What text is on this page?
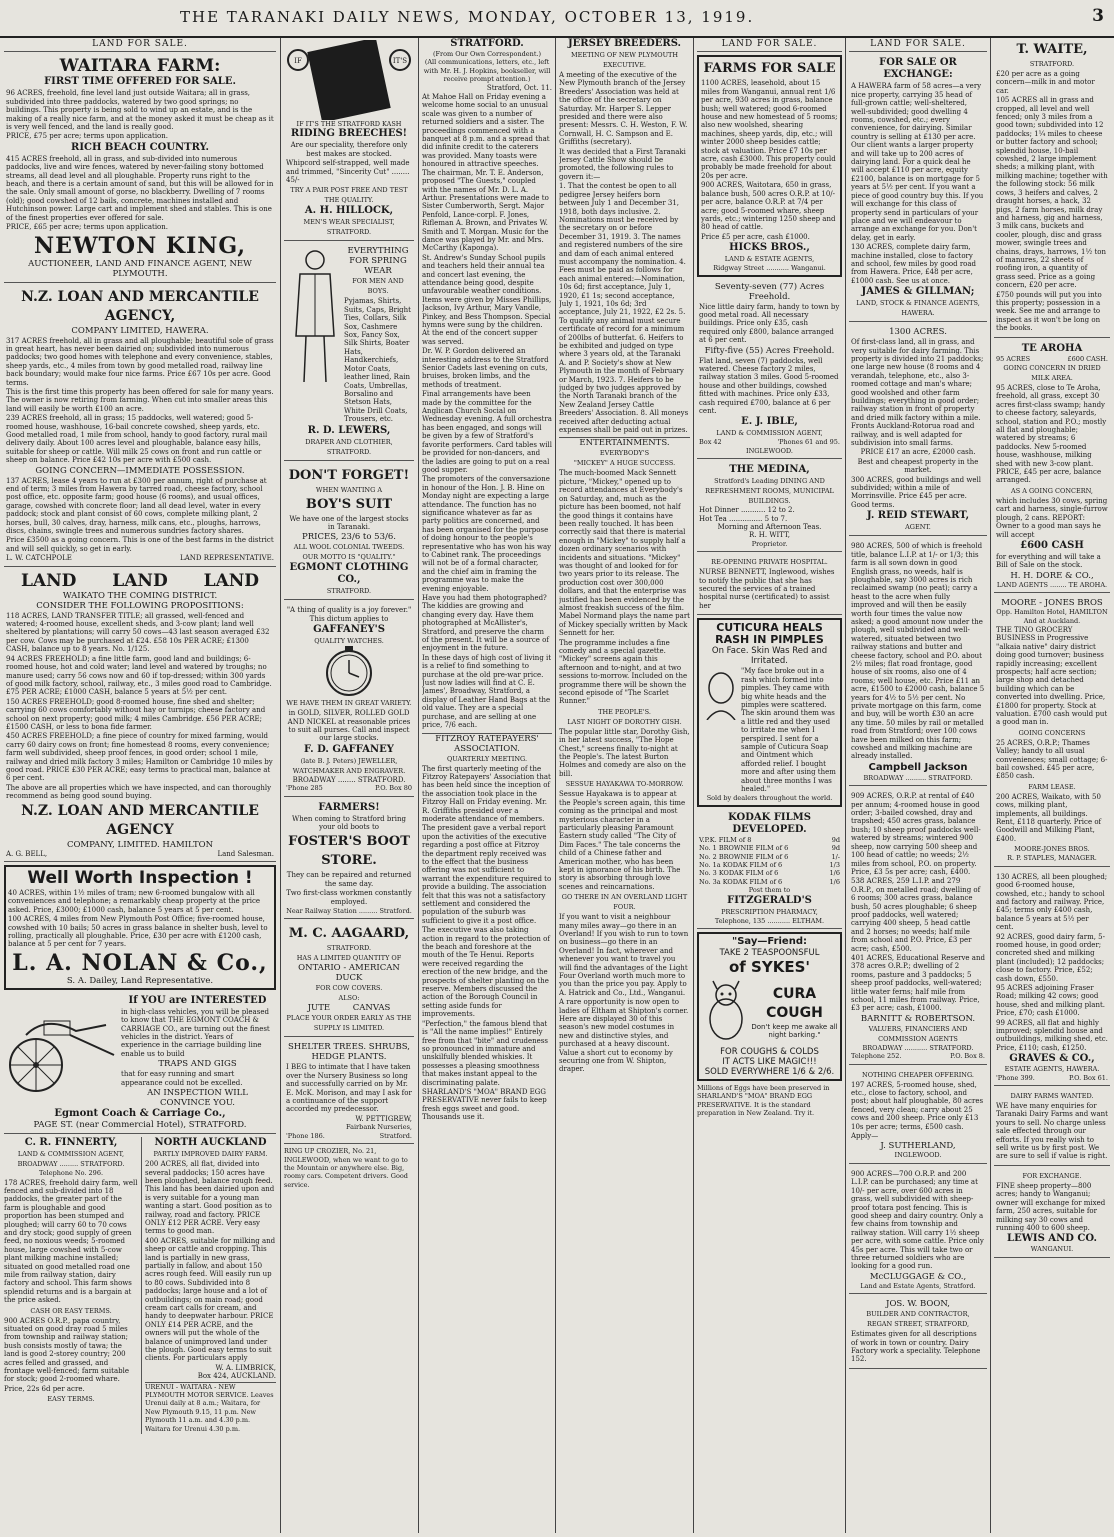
THE TARANAKI DAILY NEWS, MONDAY, OCTOBER 13, 1919.	3
LAND FOR SALE.
WAITARA FARM:
FIRST TIME OFFERED FOR SALE.

96 ACRES, freehold, fine level land just outside Waitara; all in grass, subdivided into three paddocks, watered by two good springs; no buildings. This property is being sold to wind up an estate, and is the making of a really nice farm, and at the money asked it must be cheap as it is very well fenced, and the land is really good.

PRICE, £75 per acre; terms upon application.

RICH BEACH COUNTRY.

415 ACRES freehold, all in grass, and sub-divided into numerous paddocks, live and wire fences, watered by never-failing stony bottomed streams, all dead level and all ploughable. Property runs right to the beach, and there is a certain amount of sand, but this will be allowed for in the sale. Only small amount of gorse, no blackberry. Dwelling of 7 rooms (old); good cowshed of 12 bails, concrete, machines installed and Hutchinson power. Large cart and implement shed and stables. This is one of the finest properties ever offered for sale.

PRICE, £65 per acre; terms upon application.

NEWTON KING,
AUCTIONEER, LAND AND FINANCE AGENT, NEW PLYMOUTH.
N.Z. LOAN AND MERCANTILE AGENCY,
COMPANY LIMITED, HAWERA.

317 ACRES freehold, all in grass and all ploughable; beautiful sole of grass in great heart, has never been dairied on; subdivided into numerous paddocks; two good homes with telephone and every convenience, stables, sheep yards, etc., 4 miles from town by good metalled road, railway line back boundary; would make four nice farms. Price £67 10s per acre. Good terms.

This is the first time this property has been offered for sale for many years. The owner is now retiring from farming. When cut into smaller areas this land will easily be worth £100 an acre.

239 ACRES freehold, all in grass; 15 paddocks, well watered; good 5-roomed house, washhouse, 16-bail concrete cowshed, sheep yards, etc. Good metalled road, 1 mile from school, handy to good factory, rural mail delivery daily. About 100 acres level and ploughable, balance easy hills, suitable for sheep or cattle. Will milk 25 cows on front and run cattle or sheep on balance. Price £42 10s per acre with £500 cash.

GOING CONCERN—IMMEDIATE POSSESSION.

137 ACRES, lease 4 years to run at £300 per annum, right of purchase at end of term; 3 miles from Hawera by tarred road, cheese factory, school post office, etc. opposite farm; good house (6 rooms), and usual offices, garage, cowshed with concrete floor; land all dead level, water in every paddock; stock and plant consist of 60 cows, complete milking plant, 2 horses, bull, 30 calves, dray, harness, milk cans, etc., ploughs, harrows, discs, chains, swingle trees and numerous sundries factory shares.

Price £3500 as a going concern. This is one of the best farms in the district and will sell quickly, so get in early.

L. W. CATCHPOLE	LAND REPRESENTATIVE.
LAND LAND LAND
WAIKATO THE COMING DISTRICT.
CONSIDER THE FOLLOWING PROPOSITIONS:

118 ACRES, LAND TRANSFER TITLE; all grassed, well-fenced and watered; 4-roomed house, excellent sheds, and 3-cow plant; land well sheltered by plantations; will carry 50 cows—43 last season averaged £32 per cow. Cows may be purchased at £24. £58 10s PER ACRE; £1300 CASH, balance up to 8 years. No. 1/125.

94 ACRES FREEHOLD; a fine little farm, good land and buildings; 6-roomed house, hot and cold water; land level and watered by troughs; no manure used; carry 56 cows now and 60 if top-dressed; within 300 yards of good milk factory, school, railway, etc., 3 miles good road to Cambridge. £75 PER ACRE; £1000 CASH, balance 5 years at 5½ per cent.

150 ACRES FREEHOLD; good 8-roomed house, fine shed and shelter; carrying 60 cows comfortably without hay or turnips; cheese factory and school on next property; good milk; 4 miles Cambridge. £56 PER ACRE; £1500 CASH, or less to bona fide farmer.

450 ACRES FREEHOLD; a fine piece of country for mixed farming, would carry 60 dairy cows on front; fine homestead 8 rooms, every convenience; farm well subdivided, sheep proof fences, in good order; school 1 mile, railway and dried milk factory 3 miles; Hamilton or Cambridge 10 miles by good road. PRICE £30 PER ACRE; easy terms to practical man, balance at 6 per cent.

The above are all properties which we have inspected, and can thoroughly recommend as being good sound buying.

N.Z. LOAN AND MERCANTILE AGENCY
COMPANY, LIMITED. HAMILTON
A. G. BELL,	Land Salesman.
Well Worth Inspection !

40 ACRES, within 1½ miles of tram; new 6-roomed bungalow with all conveniences and telephone; a remarkably cheap property at the price asked. Price, £3000; £1000 cash, balance 5 years at 5 per cent.

100 ACRES, 4 miles from New Plymouth Post Office; five-roomed house, cowshed with 10 bails; 50 acres in grass balance in shelter bush, level to rolling, practically all ploughable. Price, £30 per acre with £1200 cash, balance at 5 per cent for 7 years.

L. A. NOLAN & Co.,
S. A. Dailey, Land Representative.
If YOU are INTERESTED

in high-class vehicles, you will be pleased to know that THE EGMONT COACH & CARRIAGE CO., are turning out the finest vehicles in the district. Years of experience in the carriage building line enable us to build

TRAPS AND GIGS

that for easy running and smart appearance could not be excelled.

AN INSPECTION WILL CONVINCE YOU.
Egmont Coach & Carriage Co.,
PAGE ST. (near Commercial Hotel), STRATFORD.
C. R. FINNERTY,
LAND & COMMISSION AGENT, BROADWAY ......... STRATFORD.
Telephone No. 296.

178 ACRES, freehold dairy farm, well fenced and sub-divided into 18 paddocks, the greater part of the farm is ploughable and good proportion has been stumped and ploughed; will carry 60 to 70 cows and dry stock; good supply of green feed, no noxious weeds; 5-roomed house, large cowshed with 5-cow plant milking machine installed; situated on good metalled road one mile from railway station, dairy factory and school. This farm shows splendid returns and is a bargain at the price asked.

CASH OR EASY TERMS.

900 ACRES O.R.P., papa country, situated on good dray road 5 miles from township and railway station; bush consists mostly of tawa; the land is good 2-storey country; 200 acres felled and grassed, and frontage well-fenced; farm suitable for stock; good 2-roomed whare.

Price, 22s 6d per acre.

EASY TERMS.
NORTH AUCKLAND
PARTLY IMPROVED DAIRY FARM.

200 ACRES, all flat, divided into several paddocks; 150 acres have been ploughed, balance rough feed. This land has been dairied upon and is very suitable for a young man wanting a start. Good position as to railway, road and factory. PRICE ONLY £12 PER ACRE. Very easy terms to good man.

400 ACRES, suitable for milking and sheep or cattle and cropping. This land is partially in new grass, partially in fallow, and about 150 acres rough feed. Will easily run up to 80 cows. Subdivided into 8 paddocks; large house and a lot of outbuildings; on main road; good cream cart calls for cream, and handy to deepwater harbour. PRICE ONLY £14 PER ACRE, and the owners will put the whole of the balance of unimproved land under the plough. Good easy terms to suit clients. For particulars apply

W. A. LIMBRICK,
Box 424, AUCKLAND.

URENUI - WAITARA - NEW PLYMOUTH MOTOR SERVICE. Leaves Urenui daily at 8 a.m.; Waitara, for New Plymouth 9.15, 11 p.m. New Plymouth 11 a.m. and 4.30 p.m. Waitara for Urenui 4.30 p.m.

IF	IT'S
IF IT'S THE STRATFORD KASH
RIDING BREECHES!

Are our speciality, therefore only best makes are stocked.

Whipcord self-strapped, well made and trimmed, "Sincerity Cut" ........ 45/-

TRY A PAIR POST FREE AND TEST THE QUALITY.
A. H. HILLOCK,
MEN'S WEAR SPECIALIST, STRATFORD.
EVERYTHING FOR SPRING WEAR
FOR MEN AND BOYS.

Pyjamas, Shirts, Suits, Caps, Bright Ties, Collars, Silk Sox, Cashmere Sox, Fancy Sox, Silk Shirts, Boater Hats, Handkerchiefs, Motor Coats, leather lined, Rain Coats, Umbrellas, Borsalino and Stetson Hats, White Drill Coats, Trousers, etc.

R. D. LEWERS,
DRAPER AND CLOTHIER, STRATFORD.
DON'T FORGET!
WHEN WANTING A
BOY'S SUIT

We have one of the largest stocks in Taranaki.

PRICES, 23/6 to 53/6.
ALL WOOL COLONIAL TWEEDS.
OUR MOTTO IS "QUALITY."
EGMONT CLOTHING CO.,
STRATFORD.

"A thing of quality is a joy forever." This dictum applies to

GAFFANEY'S
QUALITY WATCHES.
WE HAVE THEM IN GREAT VARIETY.

in GOLD, SILVER, ROLLED GOLD AND NICKEL at reasonable prices to suit all purses. Call and inspect our large stocks.

F. D. GAFFANEY
(late B. J. Peters) JEWELLER, WATCHMAKER AND ENGRAVER.
BROADWAY ........ STRATFORD.
'Phone 285	P.O. Box 80
FARMERS!

When coming to Stratford bring your old boots to

FOSTER'S BOOT STORE.

They can be repaired and returned the same day.

Two first-class workmen constantly employed.

Near Railway Station ......... Stratford.
M. C. AAGAARD,
STRATFORD.
HAS A LIMITED QUANTITY OF
ONTARIO - AMERICAN DUCK
FOR COW COVERS.
ALSO:
JUTE CANVAS
PLACE YOUR ORDER EARLY AS THE SUPPLY IS LIMITED.
SHELTER TREES. SHRUBS, HEDGE PLANTS.

I BEG to intimate that I have taken over the Nursery Business so long and successfully carried on by Mr. E. McK. Morison, and may I ask for a continuance of the support accorded my predecessor.

W. PETTIGREW,
Fairbank Nurseries,
'Phone 186.	Stratford.

RING UP CROZIER, No. 21, INGLEWOOD, when we want to go to the Mountain or anywhere else. Big, roomy cars. Competent drivers. Good service.

STRATFORD.
(From Our Own Correspondent.)
(All communications, letters, etc., left with Mr. H. J. Hopkins, bookseller, will receive prompt attention.)
Stratford, Oct. 11.

At Mahoe Hall on Friday evening a welcome home social to an unusual scale was given to a number of returned soldiers and a sister. The proceedings commenced with a banquet at 8 p.m. and a spread that did infinite credit to the caterers was provided. Many toasts were honoured in attractive speeches. The chairman, Mr. T. E. Anderson, proposed "The Guests," coupled with the names of Mr. D. L. A. Arthur. Presentations were made to Sister Cumberworth, Sergt. Major Penfold, Lance-corpl. F. Jones, Rifleman A. Brown, and Privates W. Smith and T. Morgan. Music for the dance was played by Mr. and Mrs. McCarthy (Kaponga).

St. Andrew's Sunday School pupils and teachers held their annual tea and concert last evening, the attendance being good, despite unfavourable weather conditions. Items were given by Misses Phillips, Jackson, Ivy Arthur, Mary Vandle, Pinkey, and Bess Thompson. Special hymns were sung by the children. At the end of the concert supper was served.

Dr. W. P. Gordon delivered an interesting address to the Stratford Senior Cadets last evening on cuts, bruises, broken limbs, and the methods of treatment.

Final arrangements have been made by the committee for the Anglican Church Social on Wednesday evening. A full orchestra has been engaged, and songs will be given by a few of Stratford's favorite performers. Card tables will be provided for non-dancers, and the ladies are going to put on a real good supper.

The promoters of the conversazione in honour of the Hon. J. B. Hine on Monday night are expecting a large attendance. The function has no significance whatever as far as party politics are concerned, and has been organised for the purpose of doing honour to the people's representative who has won his way to Cabinet rank. The proceedings will not be of a formal character, and the chief aim in framing the programme was to make the evening enjoyable.

Have you had them photographed? The kiddies are growing and changing every day. Have them photographed at McAllister's, Stratford, and preserve the charm of the present. It will be a source of enjoyment in the future.

In these days of high cost of living it is a relief to find something to purchase at the old pre-war price. Just now ladies will find at C. E. James', Broadway, Stratford, a display of Leather Hand Bags at the old value. They are a special purchase, and are selling at one price, 7/6 each.

FITZROY RATEPAYERS' ASSOCIATION.
QUARTERLY MEETING.

The first quarterly meeting of the Fitzroy Ratepayers' Association that has been held since the inception of the association took place in the Fitzroy Hall on Friday evening. Mr. R. Griffiths presided over a moderate attendance of members.

The president gave a verbal report upon the activities of the executive regarding a post office at Fitzroy the department reply received was to the effect that the business offering was not sufficient to warrant the expenditure required to provide a building. The association felt that this was not a satisfactory settlement and considered the population of the suburb was sufficient to give it a post office.

The executive was also taking action in regard to the protection of the beach and foreshore at the mouth of the Te Henui. Reports were received regarding the erection of the new bridge, and the prospects of shelter planting on the reserve. Members discussed the action of the Borough Council in setting aside funds for improvements.

"Perfection," the famous blend that is "All the name implies!" Entirely free from that "bite" and crudeness so pronounced in immature and unskilfully blended whiskies. It possesses a pleasing smoothness that makes instant appeal to the discriminating palate.

SHARLAND'S "MOA" BRAND EGG PRESERVATIVE never fails to keep fresh eggs sweet and good. Thousands use it.

JERSEY BREEDERS.
MEETING OF NEW PLYMOUTH EXECUTIVE.

A meeting of the executive of the New Plymouth branch of the Jersey Breeders' Association was held at the office of the secretary on Saturday. Mr. Harper S. Lepper presided and there were also present: Messrs. C. H. Weston, F. W. Cornwall, H. C. Sampson and E. Griffiths (secretary).

It was decided that a First Taranaki Jersey Cattle Show should be promoted, the following rules to govern it:—

1. That the contest be open to all pedigree Jersey heifers born between July 1 and December 31, 1918, both days inclusive. 2. Nominations must be received by the secretary on or before December 31, 1919. 3. The names and registered numbers of the sire and dam of each animal entered must accompany the nomination. 4. Fees must be paid as follows for each animal entered:—Nomination, 10s 6d; first acceptance, July 1, 1920, £1 1s; second acceptance, July 1, 1921, 10s 6d; 3rd acceptance, July 21, 1922, £2 2s. 5. To qualify any animal must secure certificate of record for a minimum of 200lbs of butterfat. 6. Heifers to be exhibited and judged on type where 3 years old, at the Taranaki A. and P. Society's show at New Plymouth in the month of February or March, 1923. 7. Heifers to be judged by two judges approved by the North Taranaki branch of the New Zealand Jersey Cattle Breeders' Association. 8. All moneys received after deducting actual expenses shall be paid out in prizes.

ENTERTAINMENTS.
EVERYBODY'S
"MICKEY" A HUGE SUCCESS.

The much-boomed Mack Sennett picture, "Mickey," opened up to record attendances at Everybody's on Saturday, and, much as the picture has been boomed, not half the good things it contains have been really touched. It has been correctly said that there is material enough in "Mickey" to supply half a dozen ordinary scenarios with incidents and situations. "Mickey" was thought of and looked for for two years prior to its release. The production cost over 300,000 dollars, and that the enterprise was justified has been evidenced by the almost freakish success of the film. Mabel Normand plays the name part of Mickey specially written by Mack Sennett for her.

The programme includes a fine comedy and a special gazette. "Mickey" screens again this afternoon and to-night, and at two sessions to-morrow. Included on the programme there will be shown the second episode of "The Scarlet Runner."

THE PEOPLE'S.
LAST NIGHT OF DOROTHY GISH.

The popular little star, Dorothy Gish, in her latest success, "The Hope Chest," screens finally to-night at the People's. The latest Burton Holmes and comedy are also on the bill.

SESSUE HAYAKAWA TO-MORROW.

Sessue Hayakawa is to appear at the People's screen again, this time coming as the principal and most mysterious character in a particularly pleasing Paramount Eastern study called "The City of Dim Faces." The tale concerns the child of a Chinese father and American mother, who has been kept in ignorance of his birth. The story is absorbing through love scenes and reincarnations.

GO THERE IN AN OVERLAND LIGHT FOUR.

If you want to visit a neighbour many miles away—go there in an Overland! If you wish to run to town on business—go there in an Overland! In fact, wherever and whenever you want to travel you will find the advantages of the Light Four Overland worth much more to you than the price you pay. Apply to A. Hatrick and Co., Ltd., Wanganui.

A rare opportunity is now open to ladies of Eltham at Shipton's corner. Here are displayed 30 of this season's new model costumes in new and distinctive styles, and purchased at a heavy discount. Value a short cut to economy by securing one from W. Shipton, draper.

LAND FOR SALE.
FARMS FOR SALE

1100 ACRES, leasehold, about 15 miles from Wanganui, annual rent 1/6 per acre, 930 acres in grass, balance bush; well watered; good 6-roomed house and new homestead of 5 rooms; also new woolshed, shearing machines, sheep yards, dip, etc.; will winter 2000 sheep besides cattle; stock at valuation. Price £7 10s per acre, cash £3000. This property could probably be made freehold for about 20s per acre.

900 ACRES, Waitotara, 650 in grass, balance bush, 500 acres O.R.P. at 10/- per acre, balance O.R.P. at 7/4 per acre; good 5-roomed whare, sheep yards, etc.; wintering 1250 sheep and 80 head of cattle.

Price £5 per acre, cash £1000.

HICKS BROS.,
LAND & ESTATE AGENTS,
Ridgway Street ........... Wanganui.
Seventy-seven (77) Acres Freehold.

Nice little dairy farm, handy to town by good metal road. All necessary buildings. Price only £35, cash required only £800, balance arranged at 6 per cent.

Fifty-five (55) Acres Freehold.

Flat land, seven (7) paddocks, well watered. Cheese factory 2 miles, railway station 3 miles. Good 5-roomed house and other buildings, cowshed fitted with machines. Price only £33, cash required £700, balance at 6 per cent.

E. J. IBLE,
LAND & COMMISSION AGENT,
Box 42	'Phones 61 and 95.
INGLEWOOD.
THE MEDINA,
Stratford's Leading DINING AND REFRESHMENT ROOMS, MUNICIPAL BUILDINGS.
Hot Dinner ........... 12 to 2.
Hot Tea ............... 5 to 7.
Morning and Afternoon Teas.
R. H. WITT,
Proprietor.
RE-OPENING PRIVATE HOSPITAL.

NURSE BENNETT, Inglewood, wishes to notify the public that she has secured the services of a trained hospital nurse (certificated) to assist her

CUTICURA HEALS RASH IN PIMPLES
On Face. Skin Was Red and Irritated.

"My face broke out in a rash which formed into pimples. They came with big white heads and the pimples were scattered. The skin around them was a little red and they used to irritate me when I perspired. I sent for a sample of Cuticura Soap and Ointment which afforded relief. I bought more and after using them about three months I was healed."

Sold by dealers throughout the world.
KODAK FILMS DEVELOPED.
V.P.K. FILM of 8	9d
No. 1 BROWNIE FILM of 6	9d
No. 2 BROWNIE FILM of 6	1/-
No. 1a KODAK FILM of 6	1/3
No. 3 KODAK FILM of 6	1/6
No. 3a KODAK FILM of 6	1/6
Post them to
FITZGERALD'S
PRESCRIPTION PHARMACY,
Telephone, 135 ........... ELTHAM.
"Say—Friend:
TAKE 2 TEASPOONSFUL
of SYKES'
CURA COUGH
Don't keep me awake all night barking."
FOR COUGHS & COLDS
IT ACTS LIKE MAGIC!!!
SOLD EVERYWHERE 1/6 & 2/6.

Millions of Eggs have been preserved in SHARLAND'S "MOA" BRAND EGG PRESERVATIVE. It is the standard preparation in New Zealand. Try it.

LAND FOR SALE.
FOR SALE OR EXCHANGE:

A HAWERA farm of 58 acres—a very nice property, carrying 35 head of full-grown cattle; well-sheltered, well-subdivided; good dwelling 4 rooms, cowshed, etc.; every convenience, for dairying. Similar country is selling at £130 per acre. Our client wants a larger property and will take up to 200 acres of dairying land. For a quick deal he will accept £110 per acre, equity £2100, balance is on mortgage for 5 years at 5½ per cent. If you want a piece of good country buy this. If you will exchange for this class of property send in particulars of your place and we will endeavour to arrange an exchange for you. Don't delay, get in early.

130 ACRES, complete dairy farm, machine installed, close to factory and school, few miles by good road from Hawera. Price, £48 per acre, £1000 cash. See us at once.

JAMES & GILLMAN;
LAND, STOCK & FINANCE AGENTS, HAWERA.
1300 ACRES.

Of first-class land, all in grass, and very suitable for dairy farming. This property is divided into 21 paddocks; one large new house (8 rooms and 4 verandah, telephone, etc., also 3-roomed cottage and man's whare; good woolshed and other farm buildings; everything in good order; railway station in front of property and dried milk factory within a mile. Fronts Auckland-Rotorua road and railway, and is well adapted for subdivision into small farms.

PRICE £17 an acre, £2000 cash.

Best and cheapest property in the market.

300 ACRES, good buildings and well subdivided; within a mile of Morrinsville. Price £45 per acre. Good terms.

J. REID STEWART,
AGENT.

980 ACRES, 500 of which is freehold title, balance L.I.P. at 1/- or 1/3; this farm is all sown down in good English grass, no weeds, half is ploughable, say 3000 acres is rich reclaimed swamp (no peat); carry a heast to the acre when fully improved and will then be easily worth four times the value now asked; a good amount now under the plough, well subdivided and well-watered, situated between two railway stations and butter and cheese factory, school and P.O. about 2½ miles; flat road frontage, good house of six rooms, also one of 4 rooms; well house, etc. Price £11 an acre, £1500 to £2000 cash, balance 5 years for 4½ to 5½ per cent. No private mortgage on this farm, come and buy, will be worth £30 an acre any time. 50 miles by rail or metalled road from Stratford; over 100 cows have been milked on this farm; cowshed and milking machine are already installed.

Campbell Jackson
BROADWAY .......... STRATFORD.

909 ACRES, O.R.P. at rental of £40 per annum; 4-roomed house in good order; 3-bailed cowshed, dray and trapshed; 450 acres grass, balance bush; 10 sheep proof paddocks well-watered by streams; wintered 900 sheep, now carrying 500 sheep and 100 head of cattle; no weeds; 2½ miles from school, P.O. on property. Price, £3 5s per acre; cash, £400.

538 ACRES, 259 L.I.P. and 279 O.R.P., on metalled road; dwelling of 6 rooms; 300 acres grass, balance bush, 50 acres ploughable; 6 sheep proof paddocks, well watered; carrying 400 sheep, 5 head cattle and 2 horses; no weeds; half mile from school and P.O. Price, £3 per acre; cash, £500.

401 ACRES, Educational Reserve and 378 acres O.R.P.; dwelling of 2 rooms, pasture and 3 paddocks; 5 sheep proof paddocks, well-watered; little water ferns; half mile from school, 11 miles from railway. Price, £3 per acre; cash, £1000.

BARNITT & ROBERTSON.
VALUERS, FINANCIERS AND COMMISSION AGENTS
BROADWAY ........... STRATFORD.
Telephone 252.	P.O. Box 8.
NOTHING CHEAPER OFFERING.

197 ACRES, 5-roomed house, shed, etc., close to factory, school, and post; about half ploughable, 80 acres fenced, very clean; carry about 25 cows and 200 sheep. Price only £13 10s per acre; terms, £500 cash.

Apply—

J. SUTHERLAND,
INGLEWOOD.

900 ACRES—700 O.R.P. and 200 L.I.P. can be purchased; any time at 10/- per acre, over 600 acres in grass, well subdivided with sheep-proof totara post fencing. This is good sheep and dairy country. Only a few chains from township and railway station. Will carry 1½ sheep per acre, with some cattle. Price only 45s per acre. This will take two or three returned soldiers who are looking for a good run.

McCLUGGAGE & CO.,
Land and Estate Agents, Stratford.
JOS. W. BOON,
BUILDER AND CONTRACTOR,
REGAN STREET, STRATFORD,

Estimates given for all descriptions of work in town or country. Dairy Factory work a speciality. Telephone 152.

T. WAITE,
STRATFORD.

£20 per acre as a going concern—milk in and motor car.

105 ACRES all in grass and cropped, all level and well fenced; only 3 miles from a good town; subdivided into 12 paddocks; 1¼ miles to cheese or butter factory and school; splendid house, 10-bail cowshed, 2 large implement sheds; a milking plant, with milking machine; together with the following stock: 56 milk cows, 3 heifers and calves, 2 draught horses, a hack, 32 pigs, 2 farm horses, milk dray and harness, gig and harness, 3 milk cans, buckets and cooler, plough, disc and grass mower, swingle trees and chains, drays, harrows, 1½ ton of manures, 22 sheets of roofing iron, a quantity of grass seed. Price as a going concern, £20 per acre.

£750 pounds will put you into this property; possession in a week. See me and arrange to inspect as it won't be long on the books.

TE AROHA
95 ACRES	£600 CASH.
GOING CONCERN IN DRIED MILK AREA.

95 ACRES, close to Te Aroha, freehold, all grass, except 30 acres first-class swamp; handy to cheese factory, saleyards, school, station and P.O.; mostly all flat and ploughable; watered by streams; 6 paddocks. New 5-roomed house, washhouse, milking shed with new 3-cow plant. PRICE, £45 per acre, balance arranged.

AS A GOING CONCERN,

which includes 30 cows, spring cart and harness, single-furrow plough, 2 cans. REPORT: Owner to a good man says he will accept

£600 CASH

for everything and will take a Bill of Sale on the stock.

H. H. DORE & CO.,
LAND AGENTS ........ TE AROHA.
MOORE - JONES BROS
Opp. Hamilton Hotel, HAMILTON And at Auckland.

THE TINO GROCERY BUSINESS in Progressive "alkaia native" dairy district doing good turnover; business rapidly increasing; excellent prospects; half acre section; large shop and detached building which can be converted into dwelling. Price, £1800 for property. Stock at valuation. £700 cash would put a good man in.

GOING CONCERNS

25 ACRES, O.R.P.; Thames Valley; handy to all usual conveniences; small cottage; 6-bail cowshed. £45 per acre, £850 cash.

FARM LEASE.

200 ACRES, Waikato, with 50 cows, milking plant, implements, all buildings. Rent, £118 quarterly. Price of Goodwill and Milking Plant, £400.

MOORE-JONES BROS.
R. P. STAPLES, MANAGER.

130 ACRES, all been ploughed; good 6-roomed house, cowshed, etc.; handy to school and factory and railway. Price, £45; terms only £400 cash, balance 5 years at 5½ per cent.

92 ACRES, good dairy farm, 5-roomed house, in good order; concreted shed and milking plant (included); 12 paddocks; close to factory. Price, £52; cash down, £550.

95 ACRES adjoining Fraser Road; milking 42 cows; good house, shed and milking plant. Price, £70; cash £1000.

99 ACRES, all flat and highly improved; splendid house and outbuildings, milking shed, etc. Price, £110; cash, £1250.

GRAVES & CO.,
ESTATE AGENTS, HAWERA.
'Phone 399.	P.O. Box 61.
DAIRY FARMS WANTED.

WE have many enquiries for Taranaki Dairy Farms and want yours to sell. No charge unless sale effected through our efforts. If you really wish to sell write us by first post. We are sure to sell if value is right.

FOR EXCHANGE.

FINE sheep property—800 acres; handy to Wanganui; owner will exchange for mixed farm, 250 acres, suitable for milking say 30 cows and running 400 to 600 sheep.

LEWIS AND CO.
WANGANUI.
